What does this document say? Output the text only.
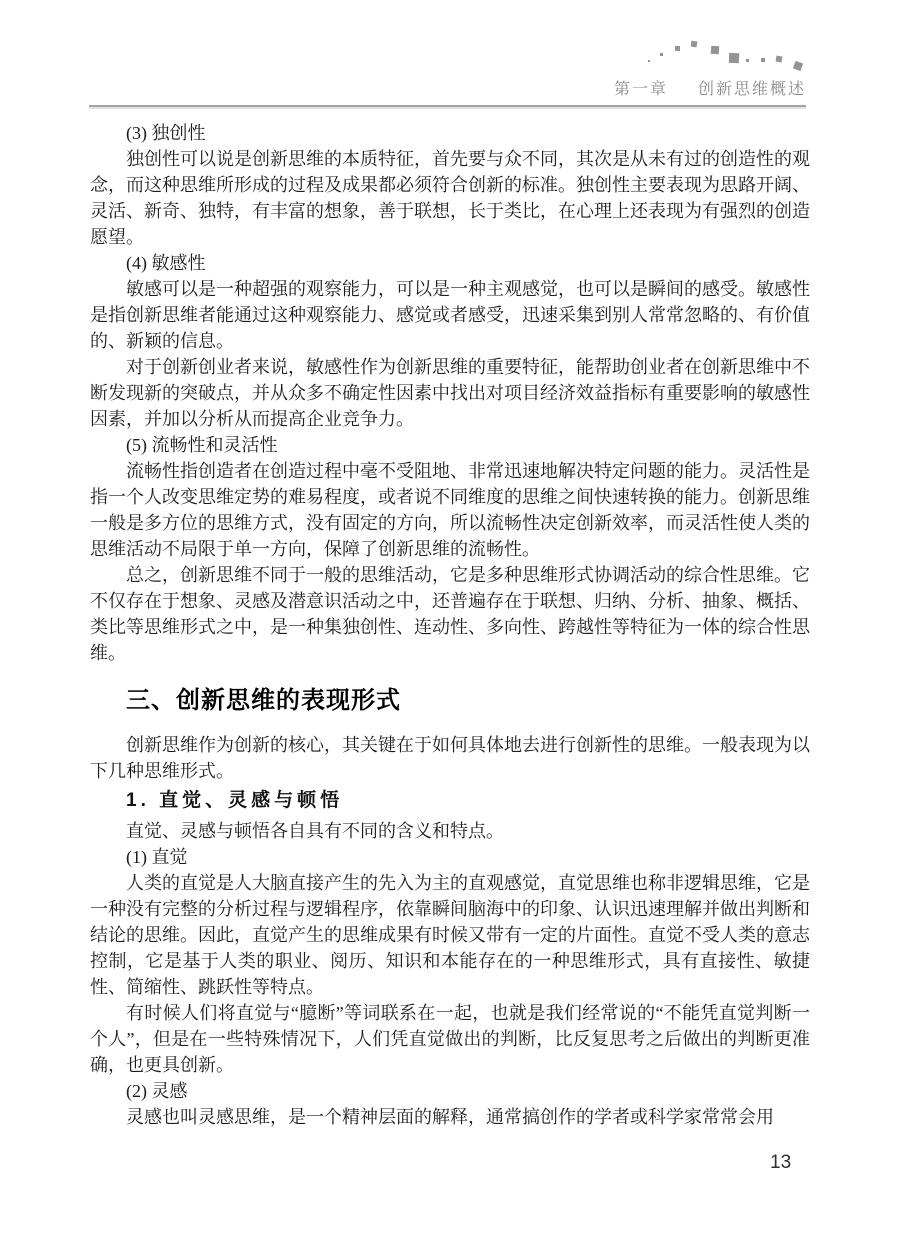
第一章 创新思维概述

(3) 独创性

独创性可以说是创新思维的本质特征，首先要与众不同，其次是从未有过的创造性的观念，而这种思维所形成的过程及成果都必须符合创新的标准。独创性主要表现为思路开阔、灵活、新奇、独特，有丰富的想象，善于联想，长于类比，在心理上还表现为有强烈的创造愿望。

(4) 敏感性

敏感可以是一种超强的观察能力，可以是一种主观感觉，也可以是瞬间的感受。敏感性是指创新思维者能通过这种观察能力、感觉或者感受，迅速采集到别人常常忽略的、有价值的、新颖的信息。

对于创新创业者来说，敏感性作为创新思维的重要特征，能帮助创业者在创新思维中不断发现新的突破点，并从众多不确定性因素中找出对项目经济效益指标有重要影响的敏感性因素，并加以分析从而提高企业竞争力。

(5) 流畅性和灵活性

流畅性指创造者在创造过程中毫不受阻地、非常迅速地解决特定问题的能力。灵活性是指一个人改变思维定势的难易程度，或者说不同维度的思维之间快速转换的能力。创新思维一般是多方位的思维方式，没有固定的方向，所以流畅性决定创新效率，而灵活性使人类的思维活动不局限于单一方向，保障了创新思维的流畅性。

总之，创新思维不同于一般的思维活动，它是多种思维形式协调活动的综合性思维。它不仅存在于想象、灵感及潜意识活动之中，还普遍存在于联想、归纳、分析、抽象、概括、类比等思维形式之中，是一种集独创性、连动性、多向性、跨越性等特征为一体的综合性思维。

三、创新思维的表现形式

创新思维作为创新的核心，其关键在于如何具体地去进行创新性的思维。一般表现为以下几种思维形式。

1. 直觉、灵感与顿悟

直觉、灵感与顿悟各自具有不同的含义和特点。

(1) 直觉

人类的直觉是人大脑直接产生的先入为主的直观感觉，直觉思维也称非逻辑思维，它是一种没有完整的分析过程与逻辑程序，依靠瞬间脑海中的印象、认识迅速理解并做出判断和结论的思维。因此，直觉产生的思维成果有时候又带有一定的片面性。直觉不受人类的意志控制，它是基于人类的职业、阅历、知识和本能存在的一种思维形式，具有直接性、敏捷性、简缩性、跳跃性等特点。

有时候人们将直觉与“臆断”等词联系在一起，也就是我们经常说的“不能凭直觉判断一个人”，但是在一些特殊情况下，人们凭直觉做出的判断，比反复思考之后做出的判断更准确，也更具创新。

(2) 灵感

灵感也叫灵感思维，是一个精神层面的解释，通常搞创作的学者或科学家常常会用

13
